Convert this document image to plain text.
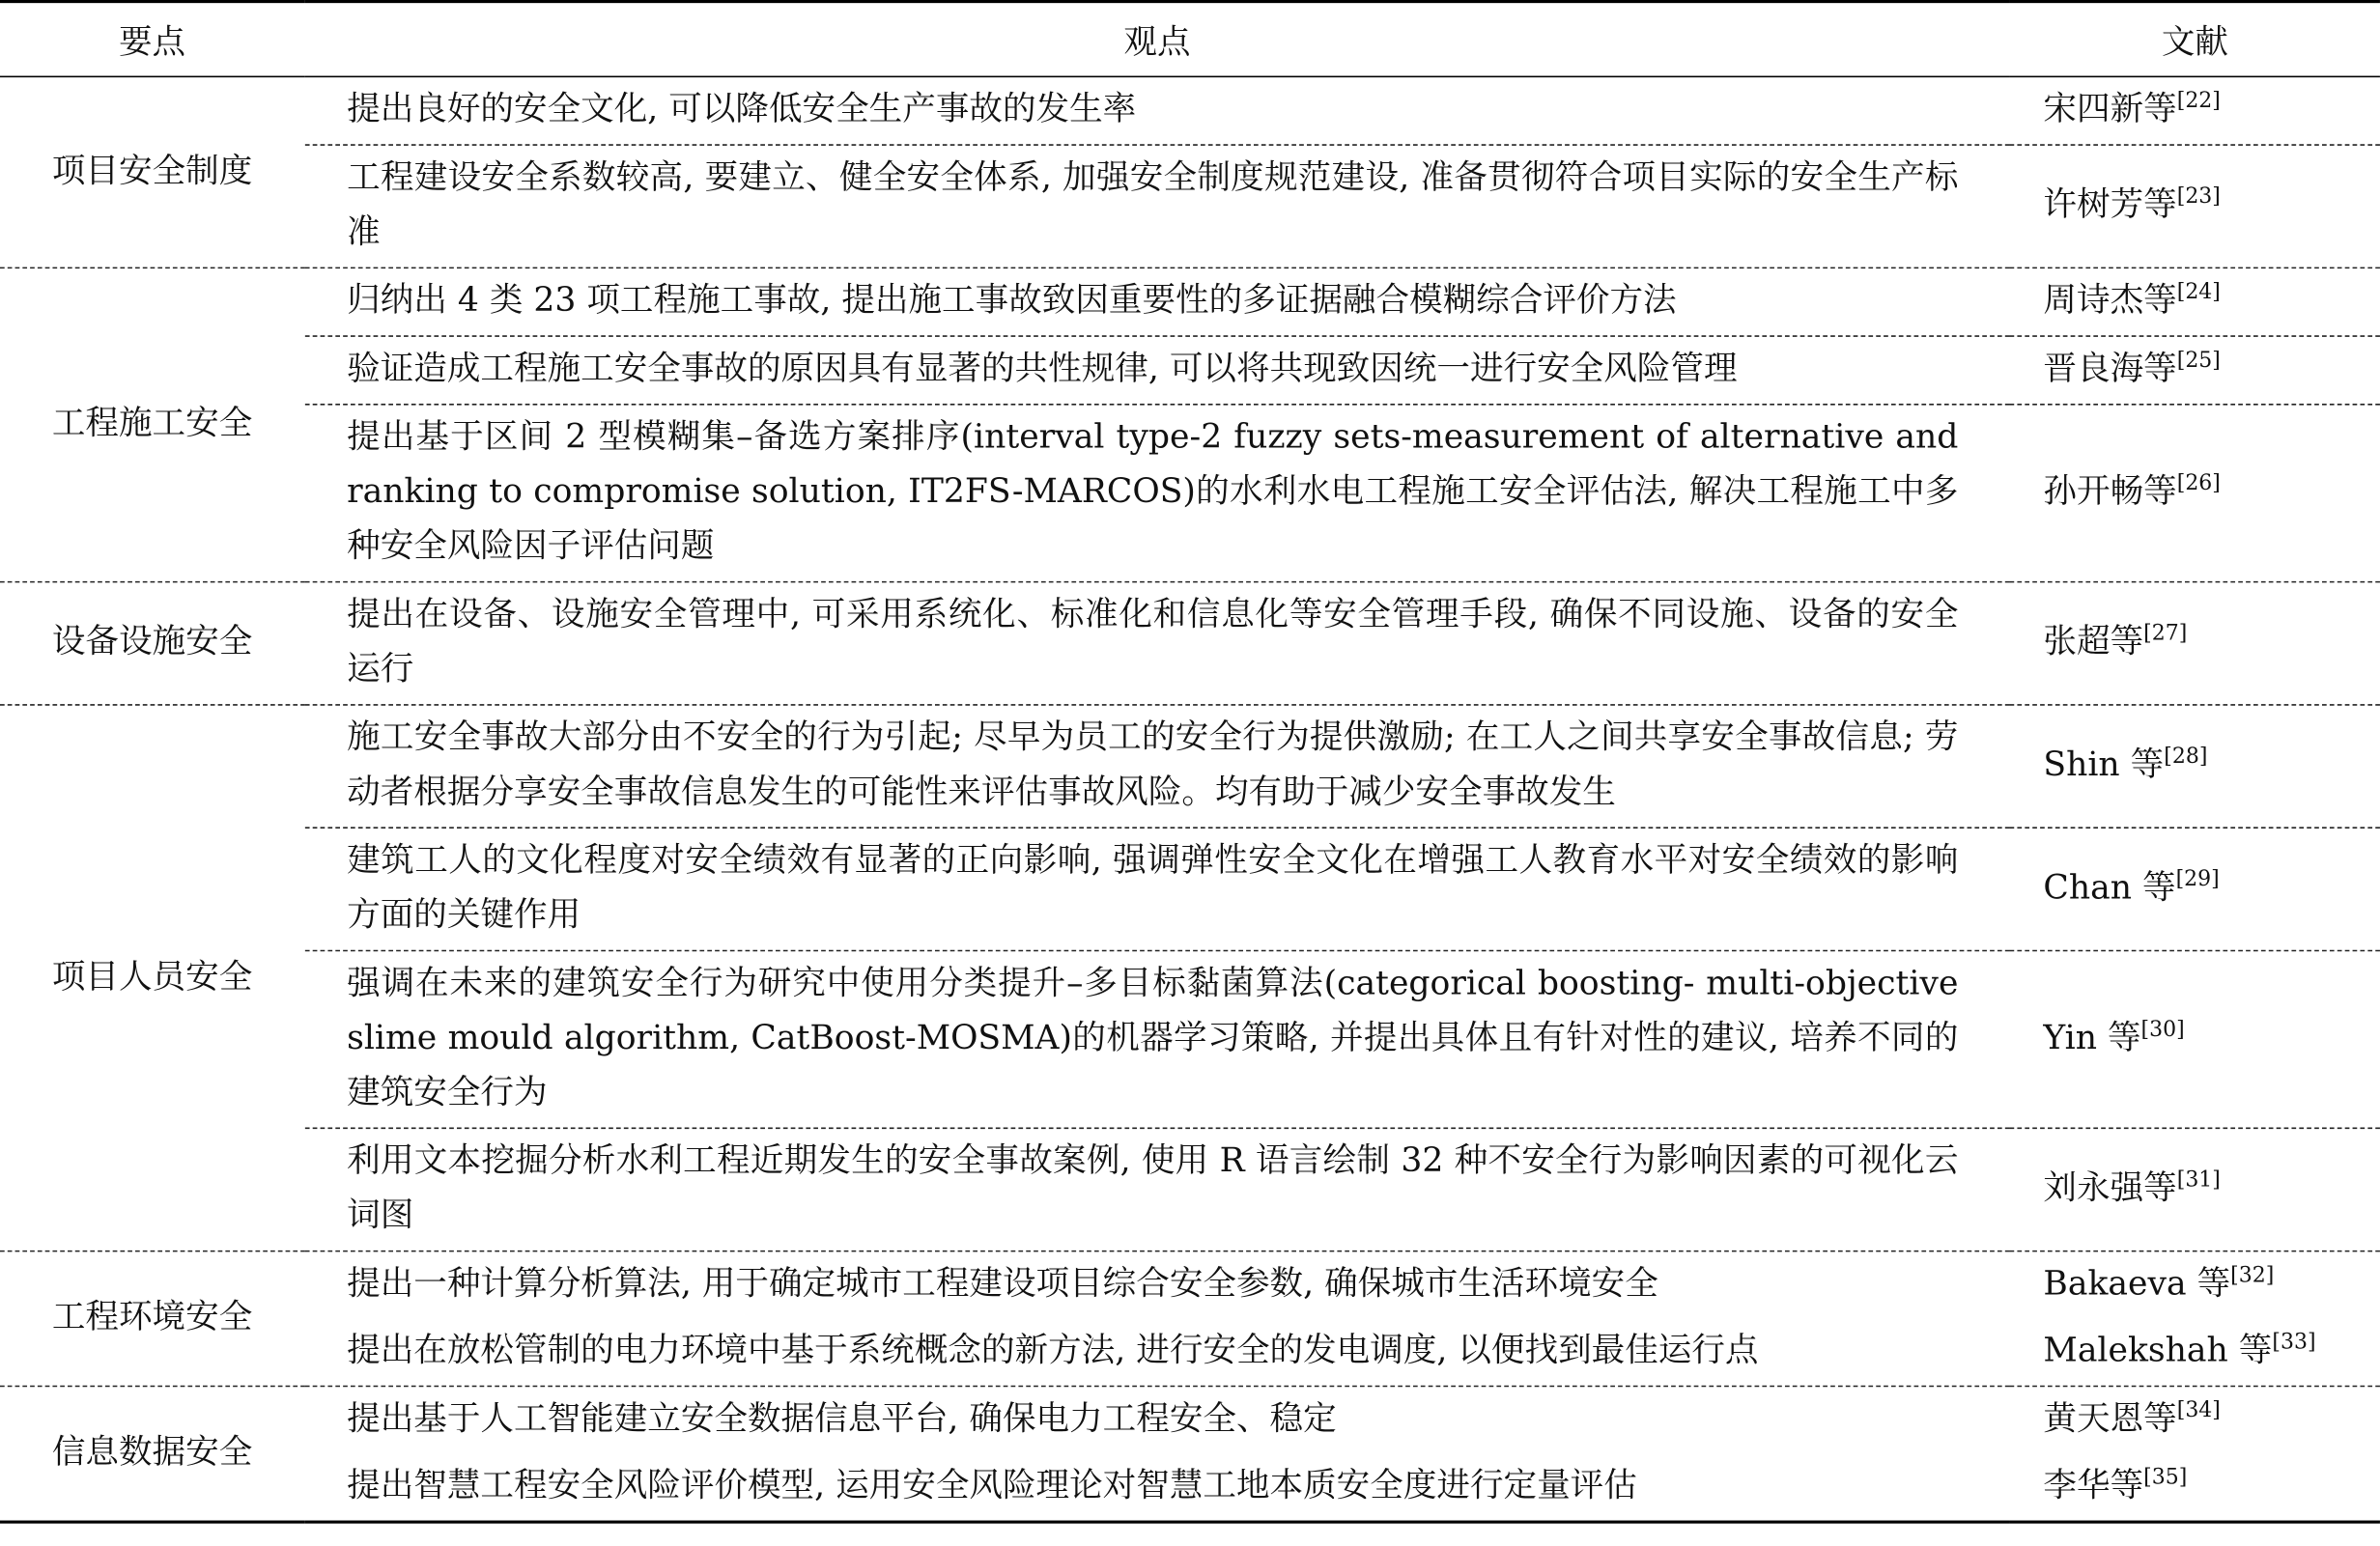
要点	观点	文献
项目安全制度	提出良好的安全文化, 可以降低安全生产事故的发生率	宋四新等[22]
	工程建设安全系数较高, 要建立、健全安全体系, 加强安全制度规范建设, 准备贯彻符合项目实际的安全生产标准	许树芳等[23]
工程施工安全	归纳出 4 类 23 项工程施工事故, 提出施工事故致因重要性的多证据融合模糊综合评价方法	周诗杰等[24]
	验证造成工程施工安全事故的原因具有显著的共性规律, 可以将共现致因统一进行安全风险管理	晋良海等[25]
	提出基于区间 2 型模糊集–备选方案排序(interval type-2 fuzzy sets-measurement of alternative and ranking to compromise solution, IT2FS-MARCOS)的水利水电工程施工安全评估法, 解决工程施工中多种安全风险因子评估问题	孙开畅等[26]
设备设施安全	提出在设备、设施安全管理中, 可采用系统化、标准化和信息化等安全管理手段, 确保不同设施、设备的安全运行	张超等[27]
项目人员安全	施工安全事故大部分由不安全的行为引起; 尽早为员工的安全行为提供激励; 在工人之间共享安全事故信息; 劳动者根据分享安全事故信息发生的可能性来评估事故风险。均有助于减少安全事故发生	Shin 等[28]
	建筑工人的文化程度对安全绩效有显著的正向影响, 强调弹性安全文化在增强工人教育水平对安全绩效的影响方面的关键作用	Chan 等[29]
	强调在未来的建筑安全行为研究中使用分类提升–多目标黏菌算法(categorical boosting- multi-objective slime mould algorithm, CatBoost-MOSMA)的机器学习策略, 并提出具体且有针对性的建议, 培养不同的建筑安全行为	Yin 等[30]
	利用文本挖掘分析水利工程近期发生的安全事故案例, 使用 R 语言绘制 32 种不安全行为影响因素的可视化云词图	刘永强等[31]
工程环境安全	提出一种计算分析算法, 用于确定城市工程建设项目综合安全参数, 确保城市生活环境安全	Bakaeva 等[32]
	提出在放松管制的电力环境中基于系统概念的新方法, 进行安全的发电调度, 以便找到最佳运行点	Malekshah 等[33]
信息数据安全	提出基于人工智能建立安全数据信息平台, 确保电力工程安全、稳定	黄天恩等[34]
	提出智慧工程安全风险评价模型, 运用安全风险理论对智慧工地本质安全度进行定量评估	李华等[35]
